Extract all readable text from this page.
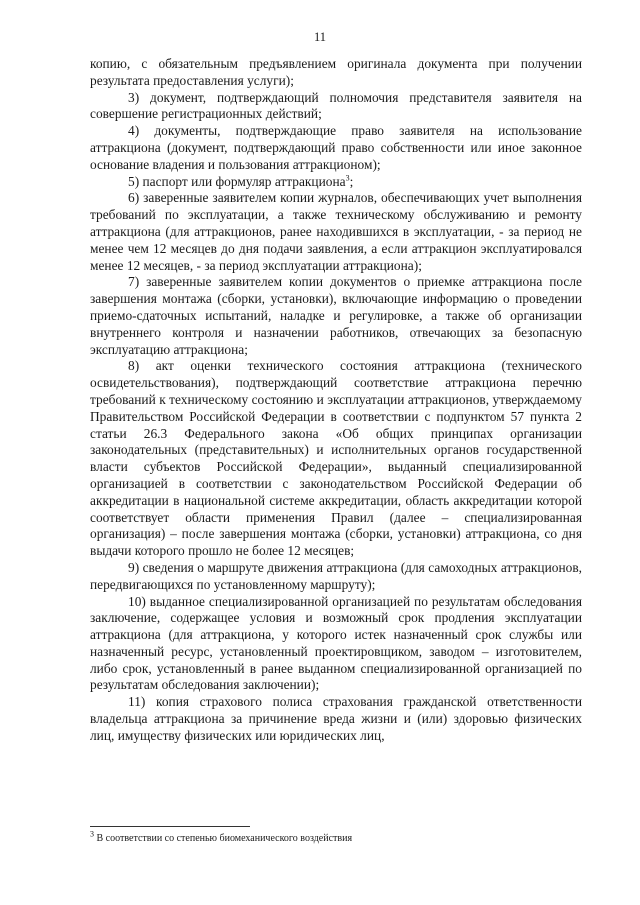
11

копию, с обязательным предъявлением оригинала документа при получении результата предоставления услуги);

3) документ, подтверждающий полномочия представителя заявителя на совершение регистрационных действий;

4) документы, подтверждающие право заявителя на использование аттракциона (документ, подтверждающий право собственности или иное законное основание владения и пользования аттракционом);

5) паспорт или формуляр аттракциона$^3$;

6) заверенные заявителем копии журналов, обеспечивающих учет выполнения требований по эксплуатации, а также техническому обслуживанию и ремонту аттракциона (для аттракционов, ранее находившихся в эксплуатации, - за период не менее чем 12 месяцев до дня подачи заявления, а если аттракцион эксплуатировался менее 12 месяцев, - за период эксплуатации аттракциона);

7) заверенные заявителем копии документов о приемке аттракциона после завершения монтажа (сборки, установки), включающие информацию о проведении приемо-сдаточных испытаний, наладке и регулировке, а также об организации внутреннего контроля и назначении работников, отвечающих за безопасную эксплуатацию аттракциона;

8) акт оценки технического состояния аттракциона (технического освидетельствования), подтверждающий соответствие аттракциона перечню требований к техническому состоянию и эксплуатации аттракционов, утверждаемому Правительством Российской Федерации в соответствии с подпунктом 57 пункта 2 статьи 26.3 Федерального закона «Об общих принципах организации законодательных (представительных) и исполнительных органов государственной власти субъектов Российской Федерации», выданный специализированной организацией в соответствии с законодательством Российской Федерации об аккредитации в национальной системе аккредитации, область аккредитации которой соответствует области применения Правил (далее – специализированная организация) – после завершения монтажа (сборки, установки) аттракциона, со дня выдачи которого прошло не более 12 месяцев;

9) сведения о маршруте движения аттракциона (для самоходных аттракционов, передвигающихся по установленному маршруту);

10) выданное специализированной организацией по результатам обследования заключение, содержащее условия и возможный срок продления эксплуатации аттракциона (для аттракциона, у которого истек назначенный срок службы или назначенный ресурс, установленный проектировщиком, заводом – изготовителем, либо срок, установленный в ранее выданном специализированной организацией по результатам обследования заключении);

11) копия страхового полиса страхования гражданской ответственности владельца аттракциона за причинение вреда жизни и (или) здоровью физических лиц, имуществу физических или юридических лиц,

$^3$ В соответствии со степенью биомеханического воздействия
